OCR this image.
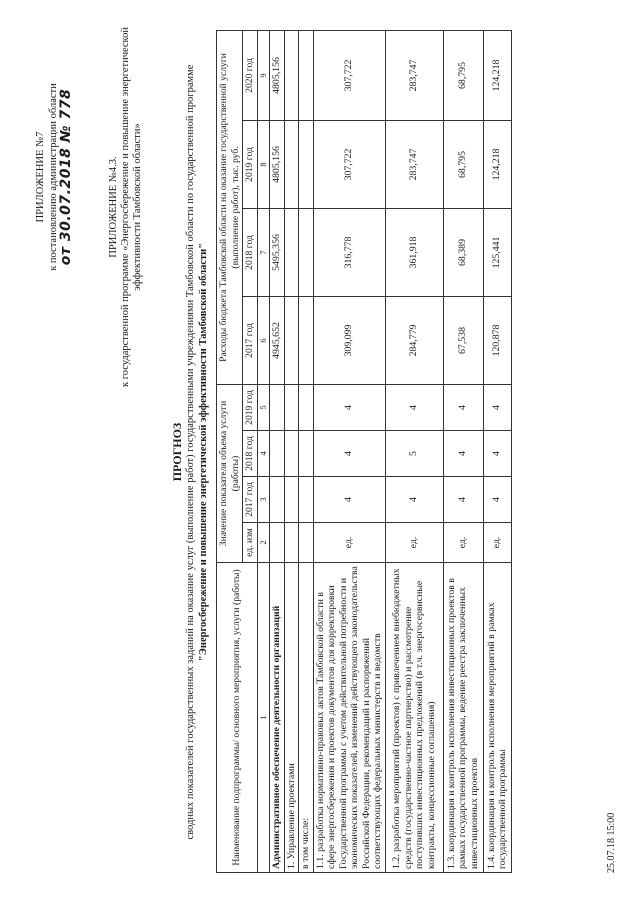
ПРИЛОЖЕНИЕ №7 к постановлению администрации области от 30.07.2018 № 778	ПРИЛОЖЕНИЕ №4.3. к государственной программе «Энергосбережение и повышение энергетической эффективности Тамбовской области»
ПРОГНОЗ сводных показателей государственных заданий на оказание услуг (выполнение работ) государственными учреждениями Тамбовской области по государственной программе "Энергосбережение и повышение энергетической эффективности Тамбовской области"
Наименование подпрограммы/ основного мероприятия, услуги (работы)	Значение показателя объема услуги (работы)				Расходы бюджета Тамбовской области на оказание государственной услуги (выполнение работ), тыс. руб.			
	ед. изм	2017 год	2018 год	2019 год	2017 год	2018 год	2019 год	2020 год
1	2	3	4	5	6	7	8	9
Административное обеспечение деятельности организаций					4945,652	5495,356	4805,156	4805,156
1. Управление проектами								
в том числе:								
1.1. разработка нормативно-правовых актов Тамбовской области в сфере энергосбережения и проектов документов для корректировки Государственной программы с учетом действительной потребности и экономических показателей, изменений действующего законодательства Российской Федерации, рекомендаций и распоряжений соответствующих федеральных министерств и ведомств	ед.	4	4	4	309,099	316,778	307,722	307,722
1.2. разработка мероприятий (проектов) с привлечением внебюджетных средств (государственно-частное партнерство) и рассмотрение поступивших инвестиционных предложений (в т.ч. энергосервисные контракты, концессионные соглашения)	ед.	4	5	4	284,779	361,918	283,747	283,747
1.3. координация и контроль исполнения инвестиционных проектов в рамках государственной программы, ведение реестра заключенных инвестиционных проектов	ед.	4	4	4	67,538	68,389	68,795	68,795
1.4. координация и контроль исполнения мероприятий в рамках государственной программы	ед.	4	4	4	120,878	125,441	124,218	124,218
25.07.18 15:00
